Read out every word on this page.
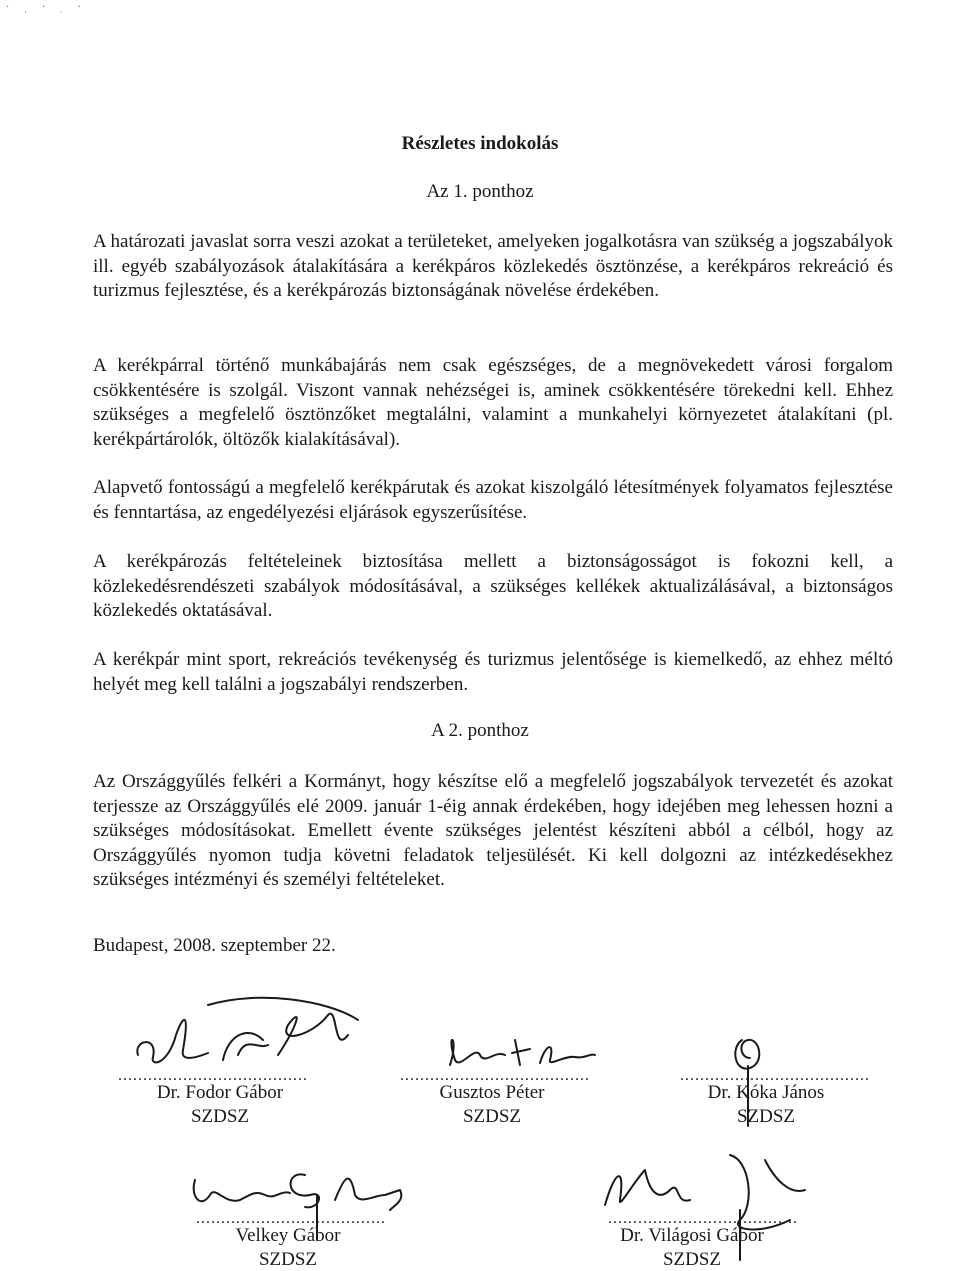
· ˌ · ˌ ·
Részletes indokolás
Az 1. ponthoz
A határozati javaslat sorra veszi azokat a területeket, amelyeken jogalkotásra van szükség a jogszabályok ill. egyéb szabályozások átalakítására a kerékpáros közlekedés ösztönzése, a kerékpáros rekreáció és turizmus fejlesztése, és a kerékpározás biztonságának növelése érdekében.
A kerékpárral történő munkábajárás nem csak egészséges, de a megnövekedett városi forgalom csökkentésére is szolgál. Viszont vannak nehézségei is, aminek csökkentésére törekedni kell. Ehhez szükséges a megfelelő ösztönzőket megtalálni, valamint a munkahelyi környezetet átalakítani (pl. kerékpártárolók, öltözők kialakításával).
Alapvető fontosságú a megfelelő kerékpárutak és azokat kiszolgáló létesítmények folyamatos fejlesztése és fenntartása, az engedélyezési eljárások egyszerűsítése.
A kerékpározás feltételeinek biztosítása mellett a biztonságosságot is fokozni kell, a közlekedésrendészeti szabályok módosításával, a szükséges kellékek aktualizálásával, a biztonságos közlekedés oktatásával.
A kerékpár mint sport, rekreációs tevékenység és turizmus jelentősége is kiemelkedő, az ehhez méltó helyét meg kell találni a jogszabályi rendszerben.
A 2. ponthoz
Az Országgyűlés felkéri a Kormányt, hogy készítse elő a megfelelő jogszabályok tervezetét és azokat terjessze az Országgyűlés elé 2009. január 1-éig annak érdekében, hogy idejében meg lehessen hozni a szükséges módosításokat. Emellett évente szükséges jelentést készíteni abból a célból, hogy az Országgyűlés nyomon tudja követni feladatok teljesülését. Ki kell dolgozni az intézkedésekhez szükséges intézményi és személyi feltételeket.
Budapest, 2008. szeptember 22.
......................................
Dr. Fodor Gábor
SZDSZ
......................................
Gusztos Péter
SZDSZ
......................................
Dr. Kóka János
SZDSZ
......................................
Velkey Gábor
SZDSZ
......................................
Dr. Világosi Gábor
SZDSZ
